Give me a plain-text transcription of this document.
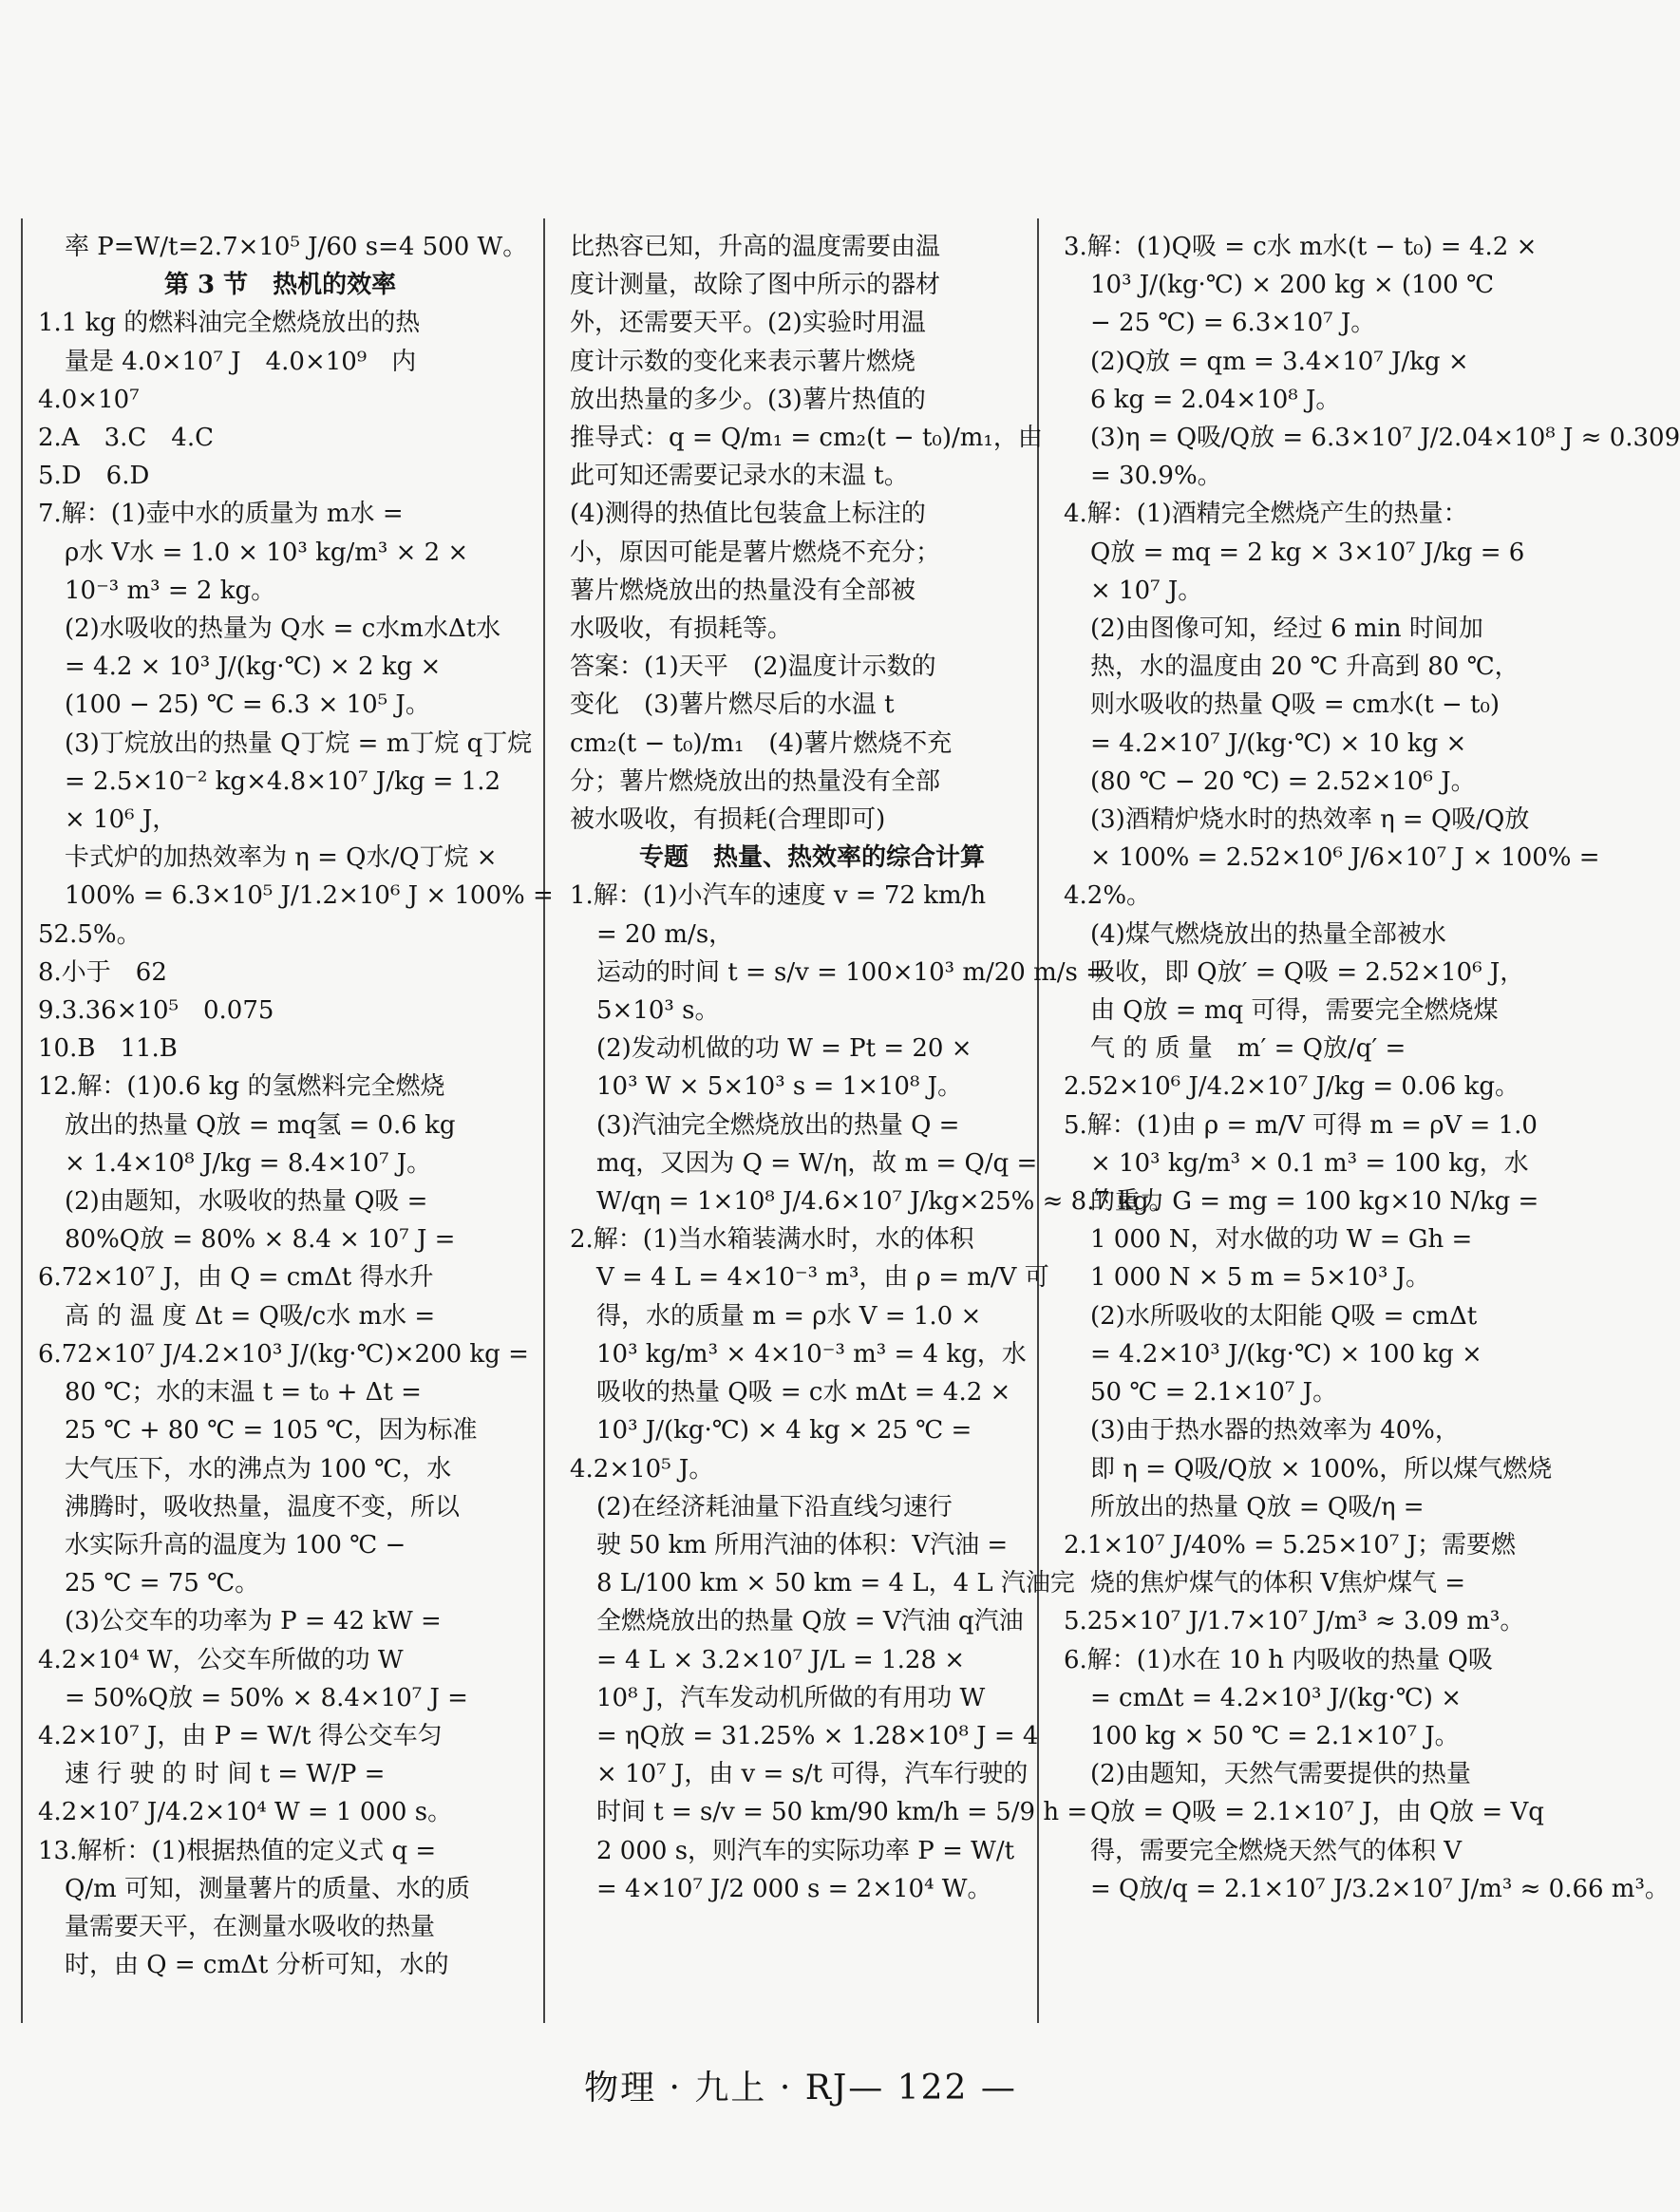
率 P=W/t=2.7×10⁵ J/60 s=4 500 W。
第 3 节　热机的效率
1.1 kg 的燃料油完全燃烧放出的热
量是 4.0×10⁷ J　4.0×10⁹　内
4.0×10⁷
2.A　3.C　4.C
5.D　6.D
7.解：(1)壶中水的质量为 m水 =
ρ水 V水 = 1.0 × 10³ kg/m³ × 2 ×
10⁻³ m³ = 2 kg。
(2)水吸收的热量为 Q水 = c水m水Δt水
= 4.2 × 10³ J/(kg·℃) × 2 kg ×
(100 − 25) ℃ = 6.3 × 10⁵ J。
(3)丁烷放出的热量 Q丁烷 = m丁烷 q丁烷
= 2.5×10⁻² kg×4.8×10⁷ J/kg = 1.2
× 10⁶ J，
卡式炉的加热效率为 η = Q水/Q丁烷 ×
100% = 6.3×10⁵ J/1.2×10⁶ J × 100% =
52.5%。
8.小于　62
9.3.36×10⁵　0.075
10.B　11.B
12.解：(1)0.6 kg 的氢燃料完全燃烧
放出的热量 Q放 = mq氢 = 0.6 kg
× 1.4×10⁸ J/kg = 8.4×10⁷ J。
(2)由题知，水吸收的热量 Q吸 =
80%Q放 = 80% × 8.4 × 10⁷ J =
6.72×10⁷ J，由 Q = cmΔt 得水升
高 的 温 度 Δt = Q吸/c水 m水 =
6.72×10⁷ J/4.2×10³ J/(kg·℃)×200 kg =
80 ℃；水的末温 t = t₀ + Δt =
25 ℃ + 80 ℃ = 105 ℃，因为标准
大气压下，水的沸点为 100 ℃，水
沸腾时，吸收热量，温度不变，所以
水实际升高的温度为 100 ℃ −
25 ℃ = 75 ℃。
(3)公交车的功率为 P = 42 kW =
4.2×10⁴ W，公交车所做的功 W
= 50%Q放 = 50% × 8.4×10⁷ J =
4.2×10⁷ J，由 P = W/t 得公交车匀
速 行 驶 的 时 间 t = W/P =
4.2×10⁷ J/4.2×10⁴ W = 1 000 s。
13.解析：(1)根据热值的定义式 q =
Q/m 可知，测量薯片的质量、水的质
量需要天平，在测量水吸收的热量
时，由 Q = cmΔt 分析可知，水的
比热容已知，升高的温度需要由温
度计测量，故除了图中所示的器材
外，还需要天平。(2)实验时用温
度计示数的变化来表示薯片燃烧
放出热量的多少。(3)薯片热值的
推导式：q = Q/m₁ = cm₂(t − t₀)/m₁，由
此可知还需要记录水的末温 t。
(4)测得的热值比包装盒上标注的
小，原因可能是薯片燃烧不充分；
薯片燃烧放出的热量没有全部被
水吸收，有损耗等。
答案：(1)天平　(2)温度计示数的
变化　(3)薯片燃尽后的水温 t
cm₂(t − t₀)/m₁　(4)薯片燃烧不充
分；薯片燃烧放出的热量没有全部
被水吸收，有损耗(合理即可)
专题　热量、热效率的综合计算
1.解：(1)小汽车的速度 v = 72 km/h
= 20 m/s，
运动的时间 t = s/v = 100×10³ m/20 m/s =
5×10³ s。
(2)发动机做的功 W = Pt = 20 ×
10³ W × 5×10³ s = 1×10⁸ J。
(3)汽油完全燃烧放出的热量 Q =
mq，又因为 Q = W/η，故 m = Q/q =
W/qη = 1×10⁸ J/4.6×10⁷ J/kg×25% ≈ 8.7 kg。
2.解：(1)当水箱装满水时，水的体积
V = 4 L = 4×10⁻³ m³，由 ρ = m/V 可
得，水的质量 m = ρ水 V = 1.0 ×
10³ kg/m³ × 4×10⁻³ m³ = 4 kg，水
吸收的热量 Q吸 = c水 mΔt = 4.2 ×
10³ J/(kg·℃) × 4 kg × 25 ℃ =
4.2×10⁵ J。
(2)在经济耗油量下沿直线匀速行
驶 50 km 所用汽油的体积：V汽油 =
8 L/100 km × 50 km = 4 L，4 L 汽油完
全燃烧放出的热量 Q放 = V汽油 q汽油
= 4 L × 3.2×10⁷ J/L = 1.28 ×
10⁸ J，汽车发动机所做的有用功 W
= ηQ放 = 31.25% × 1.28×10⁸ J = 4
× 10⁷ J，由 v = s/t 可得，汽车行驶的
时间 t = s/v = 50 km/90 km/h = 5/9 h =
2 000 s，则汽车的实际功率 P = W/t
= 4×10⁷ J/2 000 s = 2×10⁴ W。
3.解：(1)Q吸 = c水 m水(t − t₀) = 4.2 ×
10³ J/(kg·℃) × 200 kg × (100 ℃
− 25 ℃) = 6.3×10⁷ J。
(2)Q放 = qm = 3.4×10⁷ J/kg ×
6 kg = 2.04×10⁸ J。
(3)η = Q吸/Q放 = 6.3×10⁷ J/2.04×10⁸ J ≈ 0.309
= 30.9%。
4.解：(1)酒精完全燃烧产生的热量：
Q放 = mq = 2 kg × 3×10⁷ J/kg = 6
× 10⁷ J。
(2)由图像可知，经过 6 min 时间加
热，水的温度由 20 ℃ 升高到 80 ℃，
则水吸收的热量 Q吸 = cm水(t − t₀)
= 4.2×10⁷ J/(kg·℃) × 10 kg ×
(80 ℃ − 20 ℃) = 2.52×10⁶ J。
(3)酒精炉烧水时的热效率 η = Q吸/Q放
× 100% = 2.52×10⁶ J/6×10⁷ J × 100% =
4.2%。
(4)煤气燃烧放出的热量全部被水
吸收，即 Q放′ = Q吸 = 2.52×10⁶ J，
由 Q放 = mq 可得，需要完全燃烧煤
气 的 质 量　m′ = Q放/q′ =
2.52×10⁶ J/4.2×10⁷ J/kg = 0.06 kg。
5.解：(1)由 ρ = m/V 可得 m = ρV = 1.0
× 10³ kg/m³ × 0.1 m³ = 100 kg，水
的重力 G = mg = 100 kg×10 N/kg =
1 000 N，对水做的功 W = Gh =
1 000 N × 5 m = 5×10³ J。
(2)水所吸收的太阳能 Q吸 = cmΔt
= 4.2×10³ J/(kg·℃) × 100 kg ×
50 ℃ = 2.1×10⁷ J。
(3)由于热水器的热效率为 40%，
即 η = Q吸/Q放 × 100%，所以煤气燃烧
所放出的热量 Q放 = Q吸/η =
2.1×10⁷ J/40% = 5.25×10⁷ J；需要燃
烧的焦炉煤气的体积 V焦炉煤气 =
5.25×10⁷ J/1.7×10⁷ J/m³ ≈ 3.09 m³。
6.解：(1)水在 10 h 内吸收的热量 Q吸
= cmΔt = 4.2×10³ J/(kg·℃) ×
100 kg × 50 ℃ = 2.1×10⁷ J。
(2)由题知，天然气需要提供的热量
Q放 = Q吸 = 2.1×10⁷ J，由 Q放 = Vq
得，需要完全燃烧天然气的体积 V
= Q放/q = 2.1×10⁷ J/3.2×10⁷ J/m³ ≈ 0.66 m³。
物理 · 九上 · RJ— 122 —
